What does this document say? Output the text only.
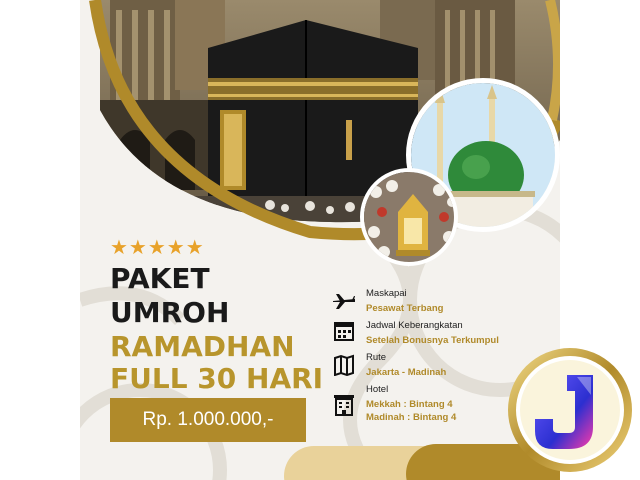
★★★★★
PAKET
UMROH
RAMADHAN
FULL 30 HARI
Rp. 1.000.000,-
Maskapai
Pesawat Terbang
Jadwal Keberangkatan
Setelah Bonusnya Terkumpul
Rute
Jakarta - Madinah
Hotel
Mekkah : Bintang 4
Madinah : Bintang 4
